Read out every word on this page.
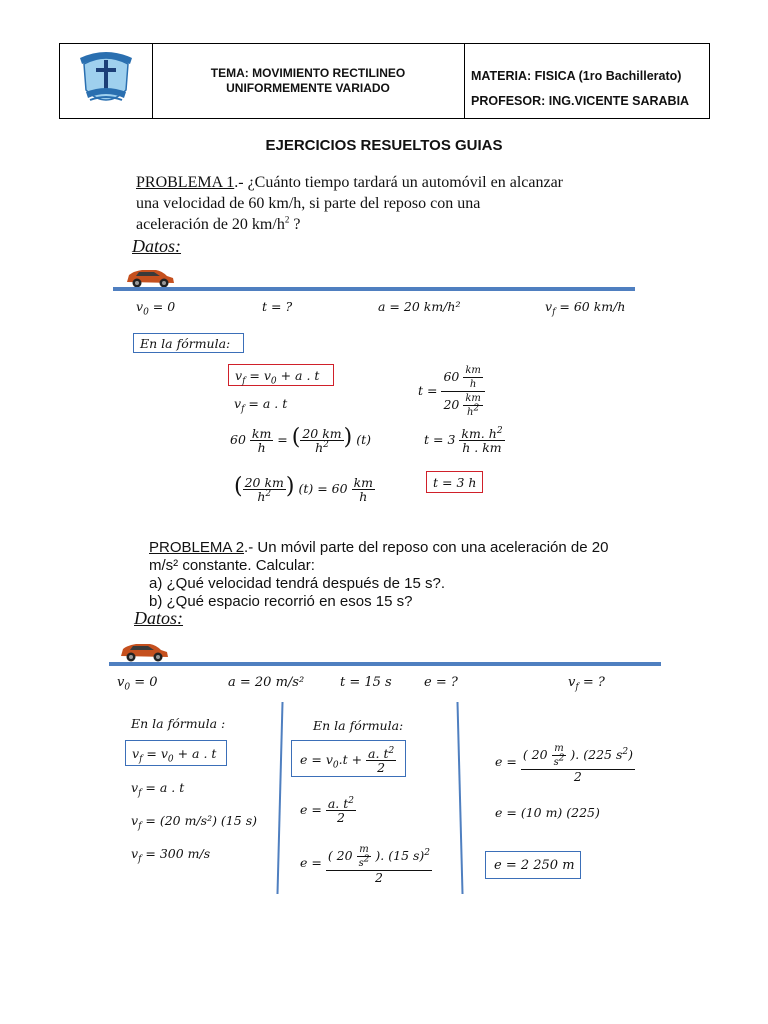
TEMA: MOVIMIENTO RECTILINEO
UNIFORMEMENTE VARIADO
MATERIA: FISICA (1ro Bachillerato)
PROFESOR: ING.VICENTE SARABIA
EJERCICIOS RESUELTOS GUIAS
PROBLEMA 1.- ¿Cuánto tiempo tardará un automóvil en alcanzar
una velocidad de 60 km/h, si parte del reposo con una
aceleración de 20 $km/h^2$ ?
Datos:
$v_0 = 0$	t = ?	a = 20 km/h²	$v_f = 60$ km/h
En la fórmula:
$v_f = v_0 + a$ . t
$v_f = a$ . t
$60 \frac{km}{h}$ = ( $\frac{20 km}{h^2}$ ) (t)
( $\frac{20 km}{h^2}$ ) $(t) = 60 \frac{km}{h}$
$t = \frac{60 \frac{km}{h}}{20 \frac{km}{h^2}}$
$t = 3 \frac{km. h^2}{h . km}$
t = 3 h
PROBLEMA 2.- Un móvil parte del reposo con una aceleración de 20
m/s² constante. Calcular:
a) ¿Qué velocidad tendrá después de 15 s?.
b) ¿Qué espacio recorrió en esos 15 s?
Datos:
$v_0 = 0$	a = 20 m/s²	t = 15 s e = ?	$v_f$ = ?
En la fórmula :
$v_f = v_0 + a$ . t
$v_f = a$ . t
$v_f = (20$ m/s²) (15 s)
$v_f = 300$ m/s
En la fórmula:
$e = v_0.t + \frac{a. t^2}{2}$
$e = \frac{a. t^2}{2}$
$e = \frac{( 20 \frac{m}{s^2} ). (15 s)^2}{2}$
$e = \frac{( 20 \frac{m}{s^2} ). (225 s^2)}{2}$
e = (10 m) (225)
e = 2 250 m
